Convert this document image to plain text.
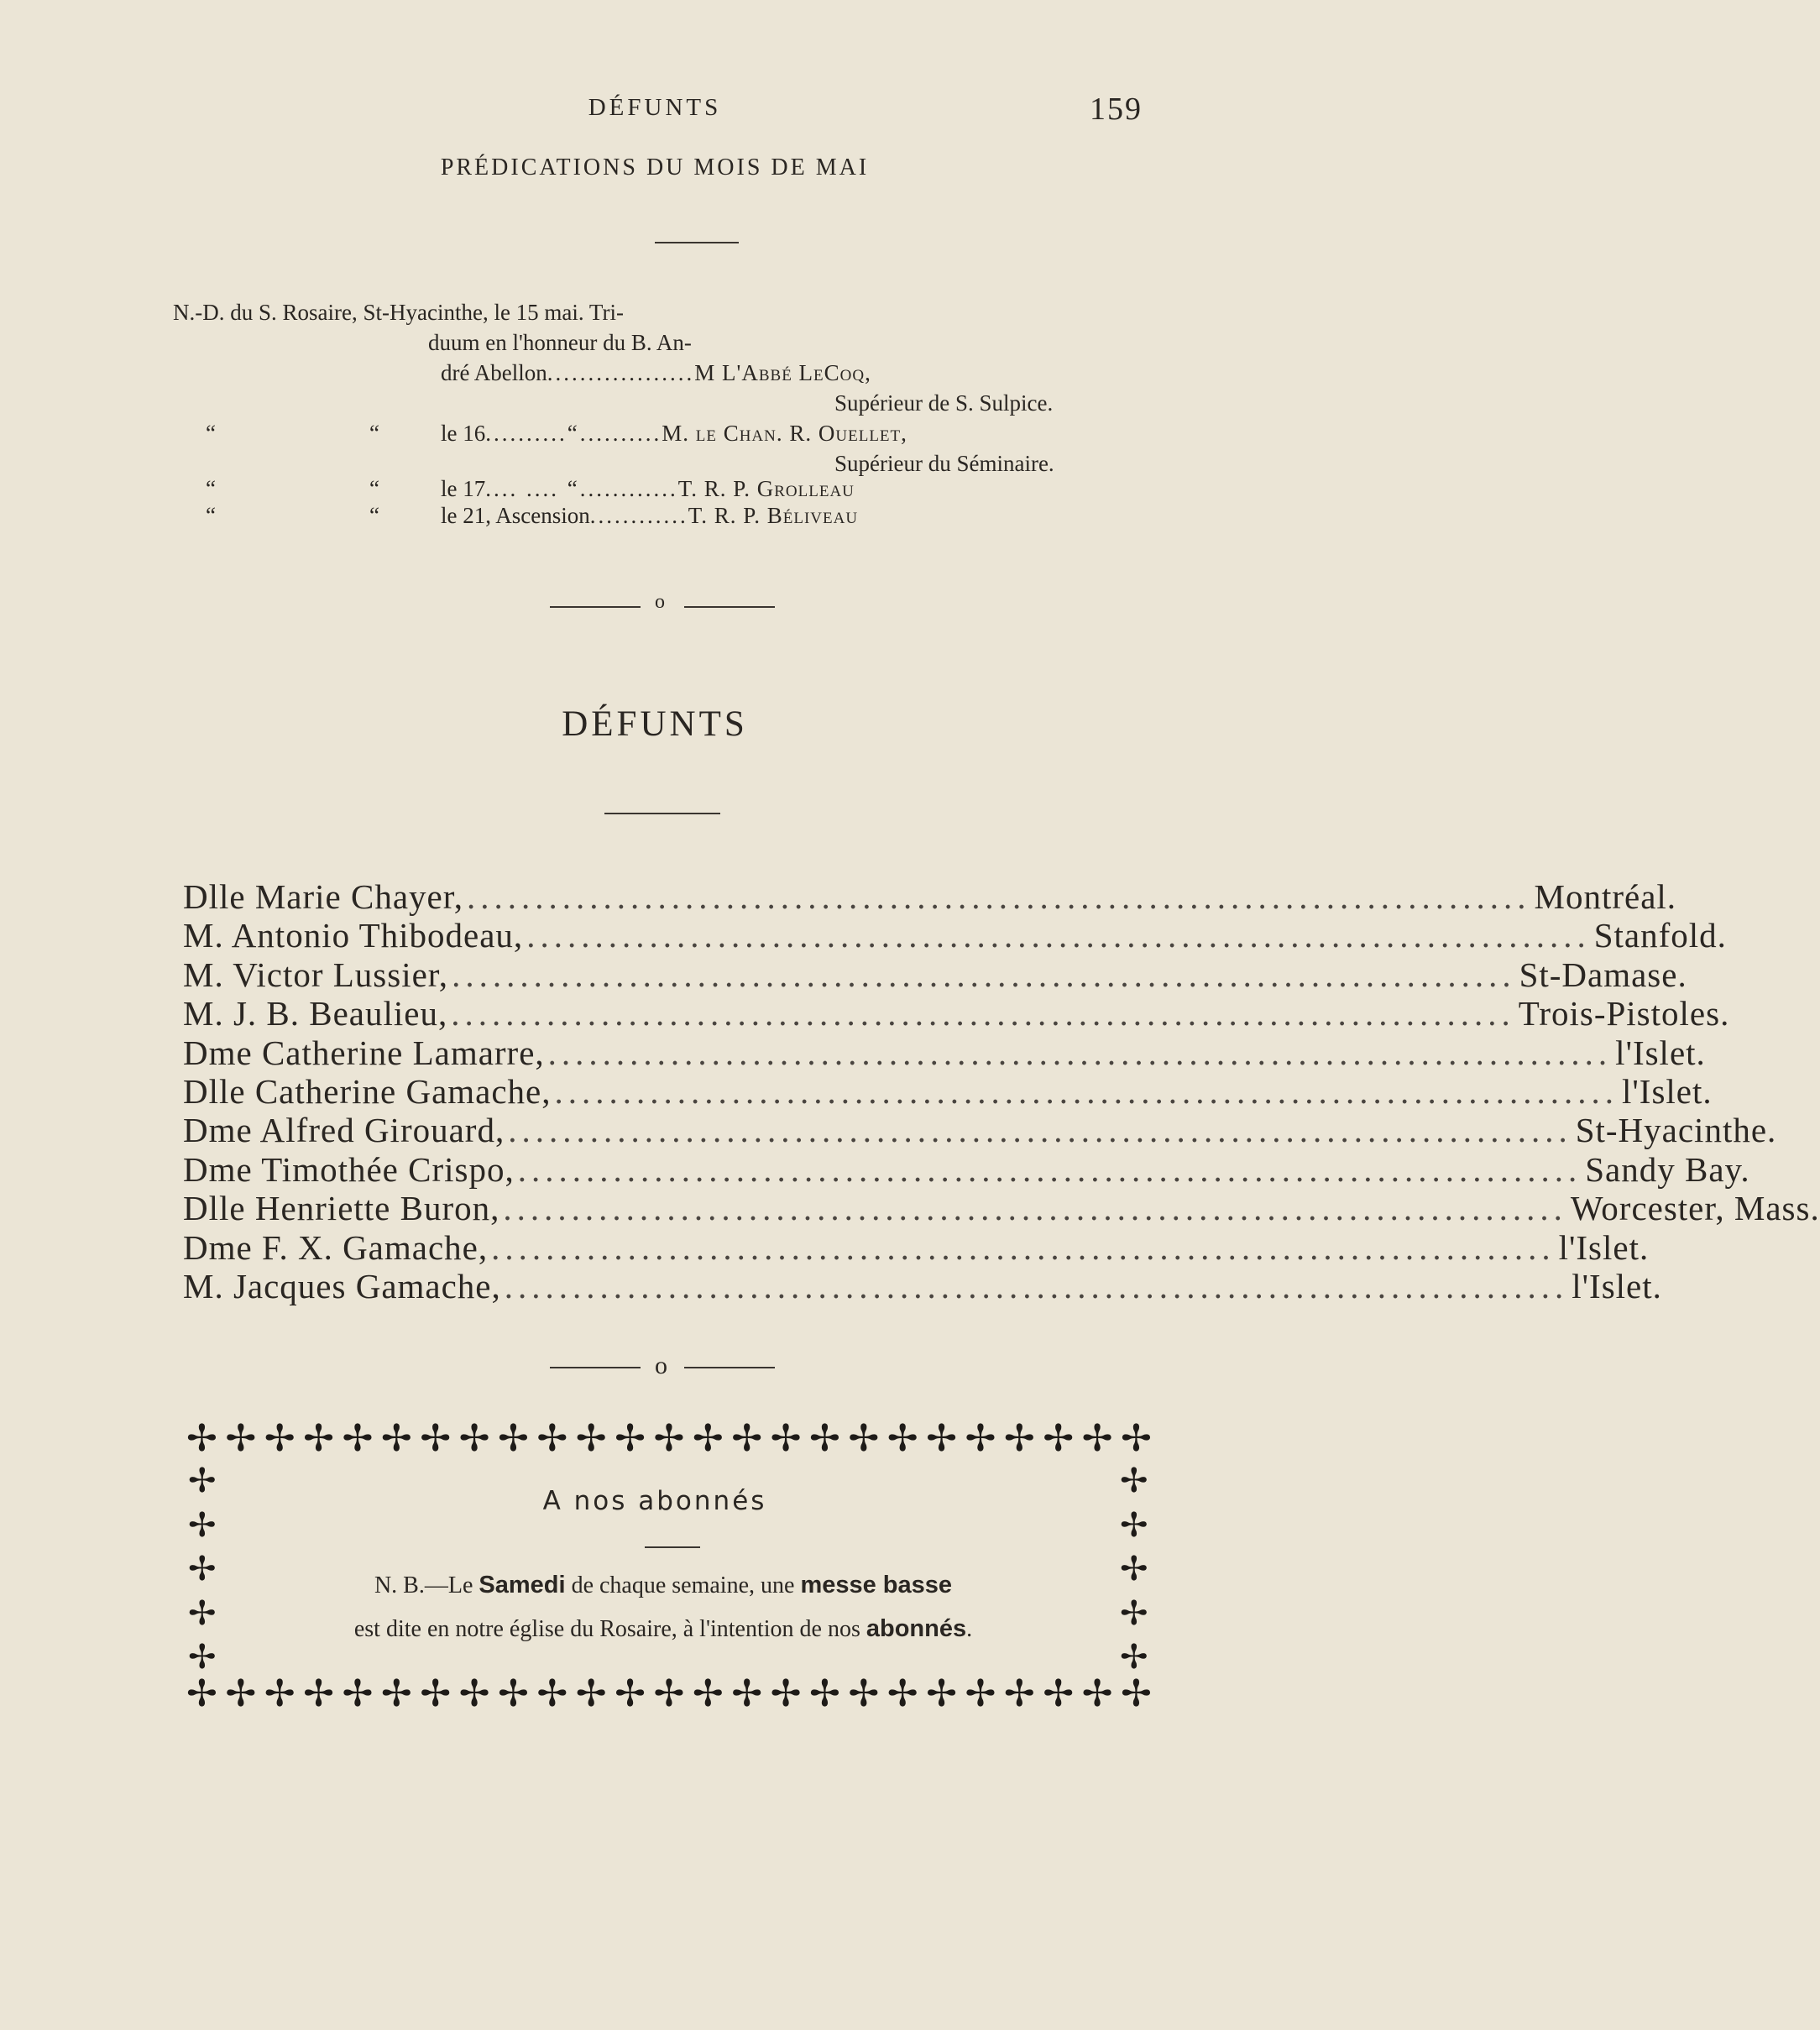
DÉFUNTS	159
PRÉDICATIONS DU MOIS DE MAI
N.-D. du S. Rosaire, St-Hyacinthe, le 15 mai. Tri-
duum en l'honneur du B. An-
dré Abellon..................M L'Abbé LeCoq,
Supérieur de S. Sulpice.
“	“	le 16..........“..........M. le Chan. R. Ouellet,
Supérieur du Séminaire.
“	“	le 17.... .... “............T. R. P. Grolleau
“	“	le 21, Ascension............T. R. P. Béliveau
o
DÉFUNTS
Dlle Marie Chayer, .............................................................................. Montréal.
M. Antonio Thibodeau, .............................................................................. Stanfold.
M. Victor Lussier, .............................................................................. St-Damase.
M. J. B. Beaulieu, .............................................................................. Trois-Pistoles.
Dme Catherine Lamarre, .............................................................................. l'Islet.
Dlle Catherine Gamache, .............................................................................. l'Islet.
Dme Alfred Girouard, .............................................................................. St-Hyacinthe.
Dme Timothée Crispo, .............................................................................. Sandy Bay.
Dlle Henriette Buron, .............................................................................. Worcester, Mass.
Dme F. X. Gamache, .............................................................................. l'Islet.
M. Jacques Gamache, .............................................................................. l'Islet.
o
✢ ✢ ✢ ✢ ✢ ✢ ✢ ✢ ✢ ✢ ✢ ✢ ✢ ✢ ✢ ✢ ✢ ✢ ✢ ✢ ✢ ✢ ✢ ✢ ✢
✢ ✢ ✢ ✢ ✢ ✢ ✢ ✢ ✢ ✢ ✢ ✢ ✢ ✢ ✢ ✢ ✢ ✢ ✢ ✢ ✢ ✢ ✢ ✢ ✢
✢
✢
✢
✢
✢
✢
✢
✢
✢
✢
A nos abonnés
N. B.—Le Samedi de chaque semaine, une messe basse
est dite en notre église du Rosaire, à l'intention de nos abonnés.
